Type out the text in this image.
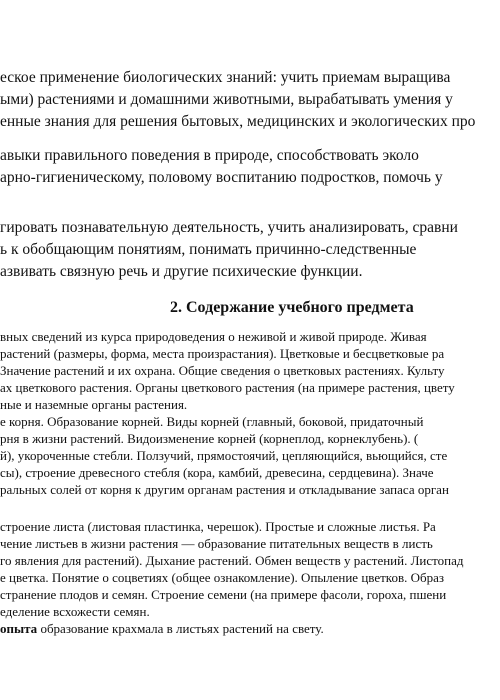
еское применение биологических знаний: учить приемам выращива
ыми) растениями и домашними животными, вырабатывать умения у
енные знания для решения бытовых, медицинских и экологических про
авыки правильного поведения в природе, способствовать эколо
арно-гигиеническому, половому воспитанию подростков, помочь у
гировать познавательную деятельность, учить анализировать, сравни
ь к обобщающим понятиям, понимать причинно-следственные
азвивать связную речь и другие психические функции.
2. Содержание учебного предмета
вных сведений из курса природоведения о неживой и живой природе. Живая
растений (размеры, форма, места произрастания). Цветковые и бесцветковые ра
Значение растений и их охрана. Общие сведения о цветковых растениях. Культу
ах цветкового растения. Органы цветкового растения (на примере растения, цвету
ные и наземные органы растения.
е корня. Образование корней. Виды корней (главный, боковой, придаточный
рня в жизни растений. Видоизменение корней (корнеплод, корнеклубень). (
й), укороченные стебли. Ползучий, прямостоячий, цепляющийся, вьющийся, сте
сы), строение древесного стебля (кора, камбий, древесина, сердцевина). Значе
ральных солей от корня к другим органам растения и откладывание запаса орган
строение листа (листовая пластинка, черешок). Простые и сложные листья. Ра
чение листьев в жизни растения — образование питательных веществ в листь
го явления для растений). Дыхание растений. Обмен веществ у растений. Листопад
е цветка. Понятие о соцветиях (общее ознакомление). Опыление цветков. Образ
странение плодов и семян. Строение семени (на примере фасоли, гороха, пшени
еделение всхожести семян.
опыта образование крахмала в листьях растений на свету.
